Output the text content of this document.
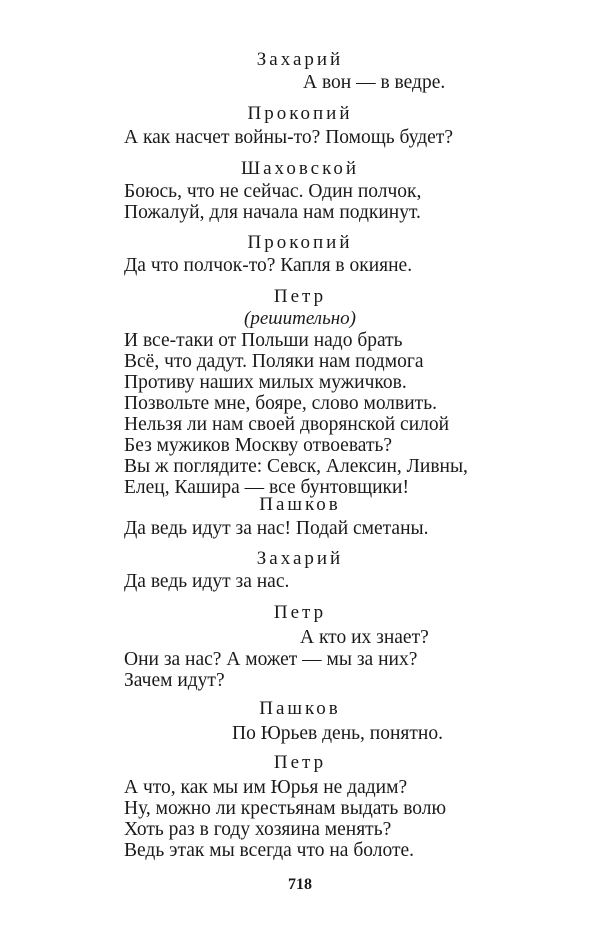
Захарий
А вон — в ведре.
Прокопий
А как насчет войны-то? Помощь будет?
Шаховской
Боюсь, что не сейчас. Один полчок,
Пожалуй, для начала нам подкинут.
Прокопий
Да что полчок-то? Капля в окияне.
Петр
(решительно)
И все-таки от Польши надо брать
Всё, что дадут. Поляки нам подмога
Противу наших милых мужичков.
Позвольте мне, бояре, слово молвить.
Нельзя ли нам своей дворянской силой
Без мужиков Москву отвоевать?
Вы ж поглядите: Севск, Алексин, Ливны,
Елец, Кашира — все бунтовщики!
Пашков
Да ведь идут за нас! Подай сметаны.
Захарий
Да ведь идут за нас.
Петр
А кто их знает?
Они за нас? А может — мы за них?
Зачем идут?
Пашков
По Юрьев день, понятно.
Петр
А что, как мы им Юрья не дадим?
Ну, можно ли крестьянам выдать волю
Хоть раз в году хозяина менять?
Ведь этак мы всегда что на болоте.
718
